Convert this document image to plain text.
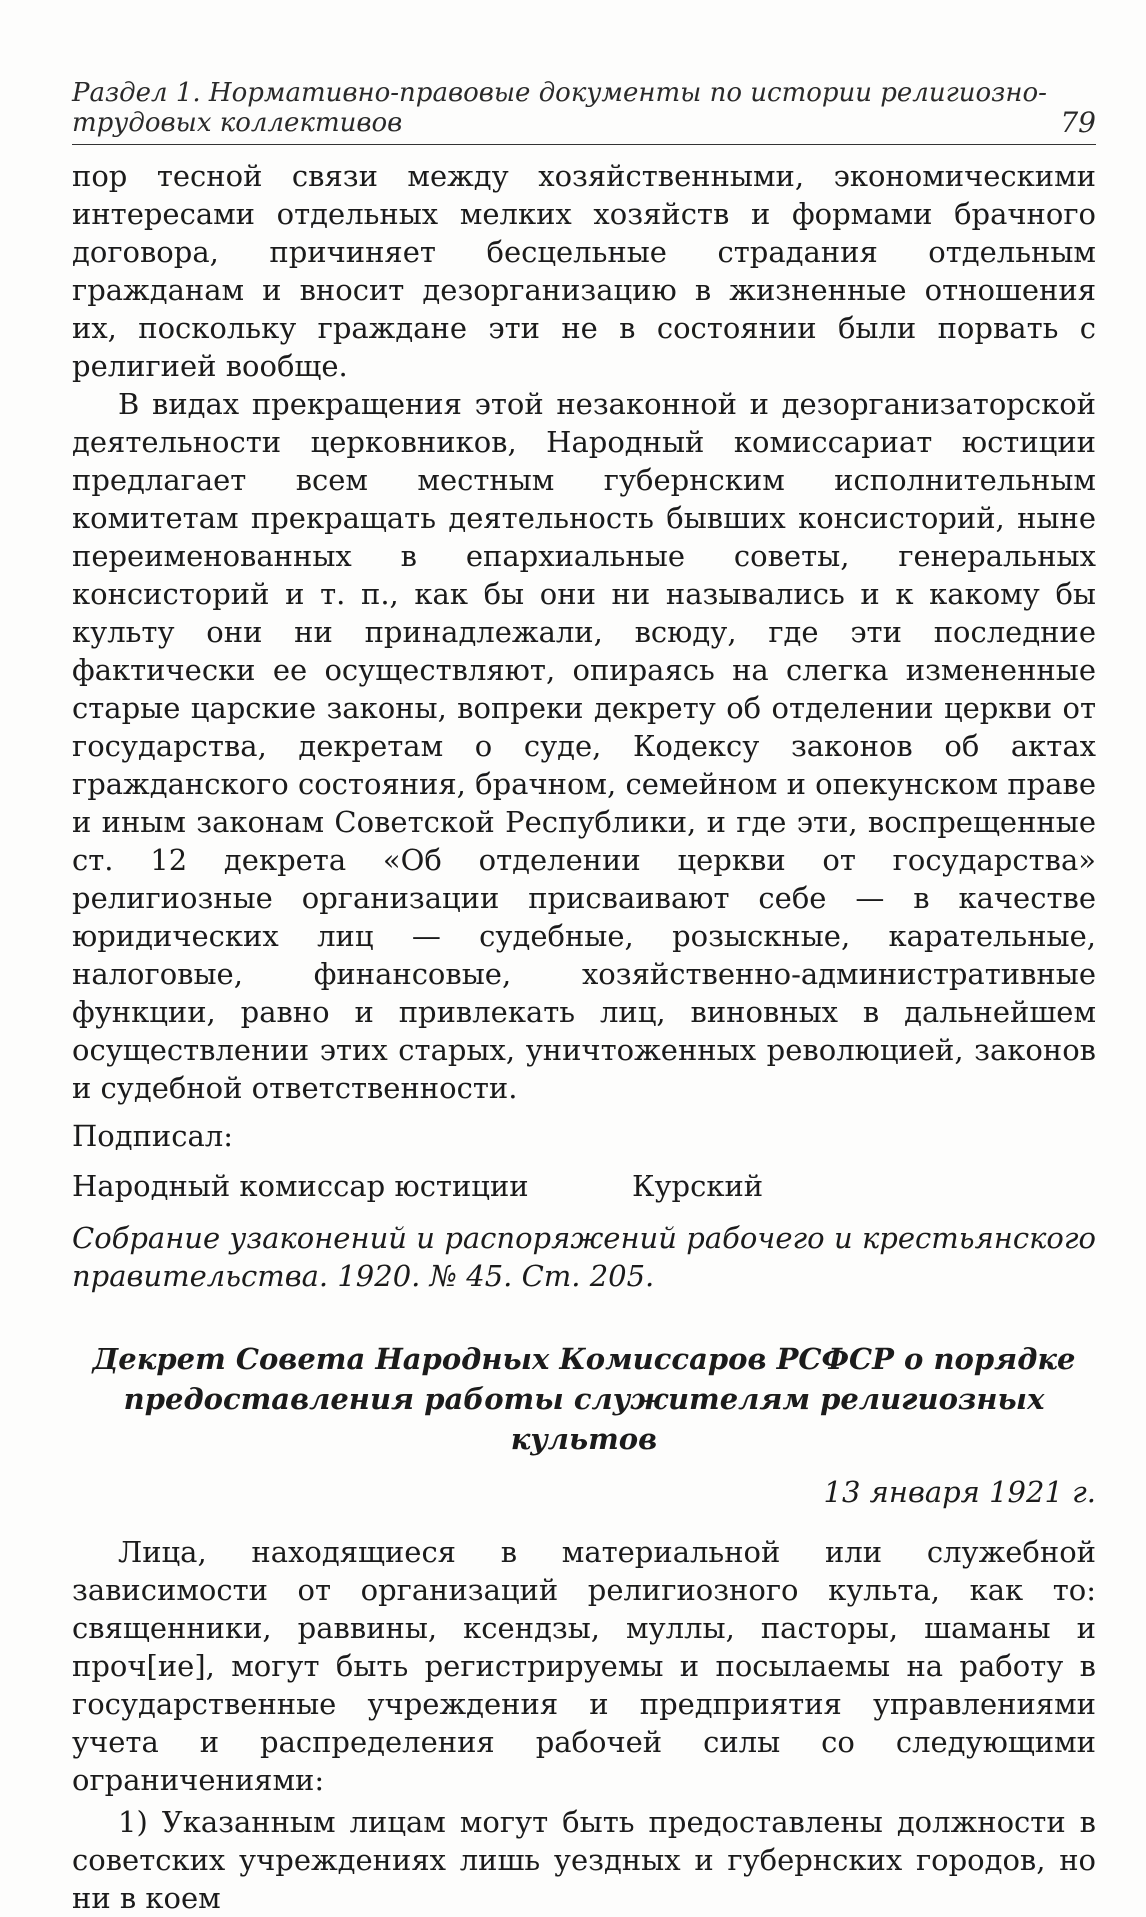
Раздел 1. Нормативно-правовые документы по истории религиозно-трудовых коллективов	79

пор тесной связи между хозяйственными, экономическими интересами отдельных мелких хозяйств и формами брачного договора, причиняет бесцельные страдания отдельным гражданам и вносит дезорганизацию в жизненные отношения их, поскольку граждане эти не в состоянии были порвать с религией вообще.

В видах прекращения этой незаконной и дезорганизаторской деятельности церковников, Народный комиссариат юстиции предлагает всем местным губернским исполнительным комитетам прекращать деятельность бывших консисторий, ныне переименованных в епархиальные советы, генеральных консисторий и т. п., как бы они ни назывались и к какому бы культу они ни принадлежали, всюду, где эти последние фактически ее осуществляют, опираясь на слегка измененные старые царские законы, вопреки декрету об отделении церкви от государства, декретам о суде, Кодексу законов об актах гражданского состояния, брачном, семейном и опекунском праве и иным законам Советской Республики, и где эти, воспрещенные ст. 12 декрета «Об отделении церкви от государства» религиозные организации присваивают себе — в качестве юридических лиц — судебные, розыскные, карательные, налоговые, финансовые, хозяйственно-административные функции, равно и привлекать лиц, виновных в дальнейшем осуществлении этих старых, уничтоженных революцией, законов и судебной ответственности.

Подписал:

Народный комиссар юстиции	Курский

Собрание узаконений и распоряжений рабочего и крестьянского правительства. 1920. № 45. Ст. 205.

Декрет Совета Народных Комиссаров РСФСР о порядке
предоставления работы служителям религиозных культов
13 января 1921 г.

Лица, находящиеся в материальной или служебной зависимости от организаций религиозного культа, как то: священники, раввины, ксендзы, муллы, пасторы, шаманы и проч[ие], могут быть регистрируемы и посылаемы на работу в государственные учреждения и предприятия управлениями учета и распределения рабочей силы со следующими ограничениями:

1) Указанным лицам могут быть предоставлены должности в советских учреждениях лишь уездных и губернских городов, но ни в коем
